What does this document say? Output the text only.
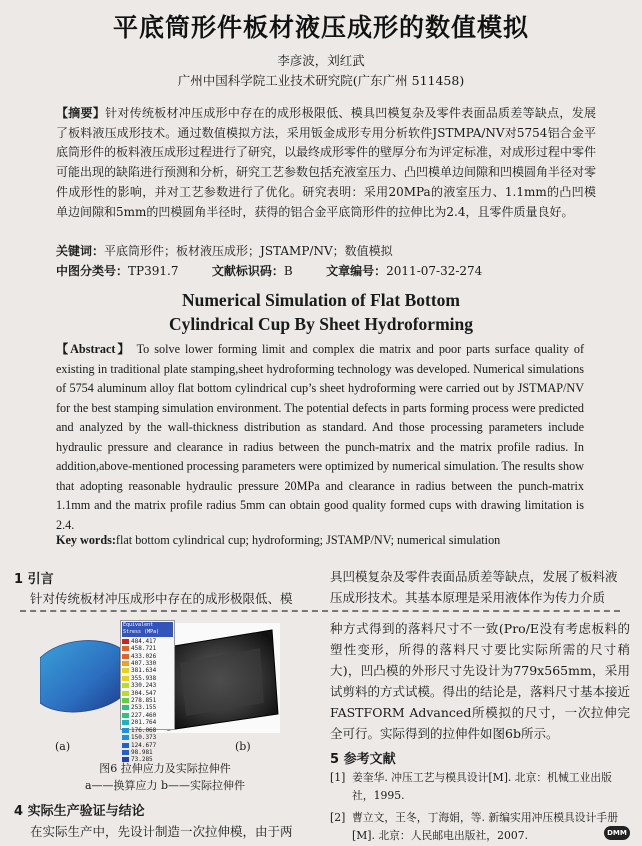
平底筒形件板材液压成形的数值模拟
李彦波，刘红武
广州中国科学院工业技术研究院(广东广州 511458)
【摘要】针对传统板材冲压成形中存在的成形极限低、模具凹模复杂及零件表面品质差等缺点，发展了板料液压成形技术。通过数值模拟方法，采用钣金成形专用分析软件JSTMPA/NV对5754铝合金平底筒形件的板料液压成形过程进行了研究，以最终成形零件的壁厚分布为评定标准，对成形过程中零件可能出现的缺陷进行预测和分析，研究工艺参数包括充液室压力、凸凹模单边间隙和凹模圆角半径对零件成形性的影响，并对工艺参数进行了优化。研究表明：采用20MPa的液室压力、1.1mm的凸凹模单边间隙和5mm的凹模圆角半径时，获得的铝合金平底筒形件的拉伸比为2.4，且零件质量良好。
关键词：平底筒形件；板材液压成形；JSTAMP/NV；数值模拟
中图分类号：TP391.7	文献标识码：B	文章编号：2011-07-32-274
Numerical Simulation of Flat Bottom
Cylindrical Cup By Sheet Hydroforming
【Abstract】 To solve lower forming limit and complex die matrix and poor parts surface quality of existing in traditional plate stamping,sheet hydroforming technology was developed. Numerical simulations of 5754 aluminum alloy flat bottom cylindrical cup’s sheet hydroforming were carried out by JSTMAP/NV for the best stamping simulation environment. The potential defects in parts forming process were predicted and analyzed by the wall-thickness distribution as standard. And those processing parameters include hydraulic pressure and clearance in radius between the punch-matrix and the matrix profile radius. In addition,above-mentioned processing parameters were optimized by numerical simulation. The results show that adopting reasonable hydraulic pressure 20MPa and clearance in radius between the punch-matrix 1.1mm and the matrix profile radius 5mm can obtain good quality formed cups with drawing limitation is 2.4.
Key words:flat bottom cylindrical cup; hydroforming; JSTAMP/NV; numerical simulation
1 引言
针对传统板材冲压成形中存在的成形极限低、模
具凹模复杂及零件表面品质差等缺点，发展了板料液
压成形技术。其基本原理是采用液体作为传力介质
Equivalent Stress (MPa)
484.417
458.721
433.026
407.330
381.634
355.938
330.243
304.547
278.851
253.155
227.460
201.764
176.068
150.373
124.677
98.981
73.285
(a)	(b)
图6 拉伸应力及实际拉伸件
a——换算应力 b——实际拉伸件
4 实际生产验证与结论
在实际生产中，先设计制造一次拉伸模，由于两
种方式得到的落料尺寸不一致(Pro/E没有考虑板料的塑性变形，所得的落料尺寸要比实际所需的尺寸稍大)，凹凸模的外形尺寸先设计为779x565mm，采用试剪料的方式试模。得出的结论是，落料尺寸基本接近FASTFORM Advanced所模拟的尺寸，一次拉伸完全可行。实际得到的拉伸件如图6b所示。
5 参考文献
[1] 姜奎华. 冲压工艺与模具设计[M]. 北京：机械工业出版社，1995.
[2] 曹立文，王冬，丁海娟，等. 新编实用冲压模具设计手册[M]. 北京：人民邮电出版社，2007.	DMM
